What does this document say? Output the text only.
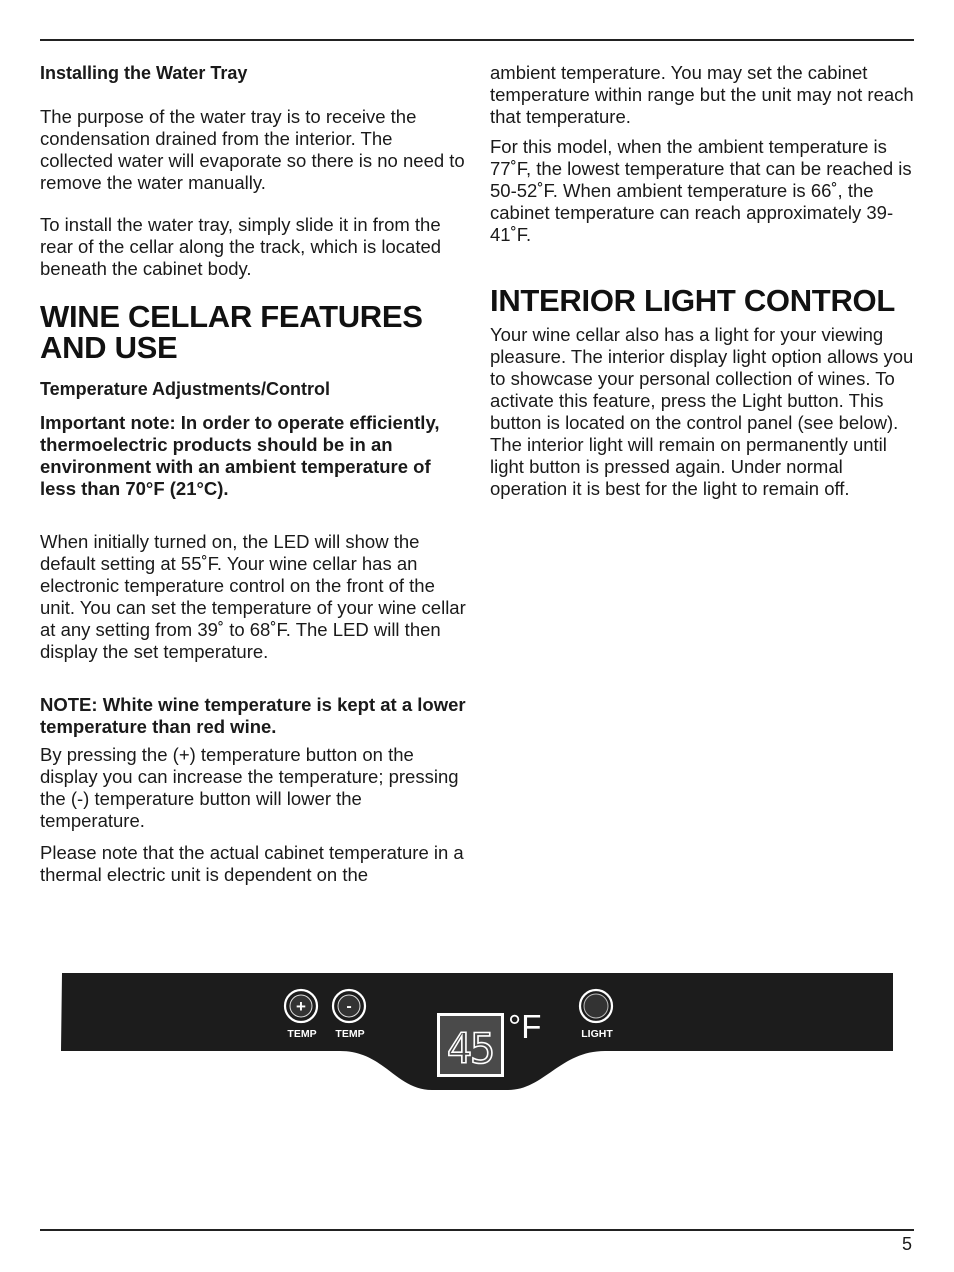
Installing the Water Tray

The purpose of the water tray is to receive the condensation drained from the interior. The collected water will evaporate so there is no need to remove the water manually.

To install the water tray, simply slide it in from the rear of the cellar along the track, which is located beneath the cabinet body.

WINE CELLAR FEATURES AND USE

Temperature Adjustments/Control

Important note: In order to operate efficiently, thermoelectric products should be in an environment with an ambient temperature of less than 70°F (21°C).

When initially turned on, the LED will show the default setting at 55˚F. Your wine cellar has an electronic temperature control on the front of the unit. You can set the temperature of your wine cellar at any setting from 39˚ to 68˚F. The LED will then display the set temperature.

NOTE: White wine temperature is kept at a lower temperature than red wine.

By pressing the (+) temperature button on the display you can increase the temperature; pressing the (-) temperature button will lower the temperature.

Please note that the actual cabinet temperature in a thermal electric unit is dependent on the

ambient temperature. You may set the cabinet temperature within range but the unit may not reach that temperature.

For this model, when the ambient temperature is 77˚F, the lowest temperature that can be reached is 50-52˚F. When ambient temperature is 66˚, the cabinet temperature can reach approximately 39-41˚F.

INTERIOR LIGHT CONTROL

Your wine cellar also has a light for your viewing pleasure. The interior display light option allows you to showcase your personal collection of wines. To activate this feature, press the Light button. This button is located on the control panel (see below). The interior light will remain on permanently until light button is pressed again. Under normal operation it is best for the light to remain off.

+
TEMP
-
TEMP 45 °F	LIGHT
5
